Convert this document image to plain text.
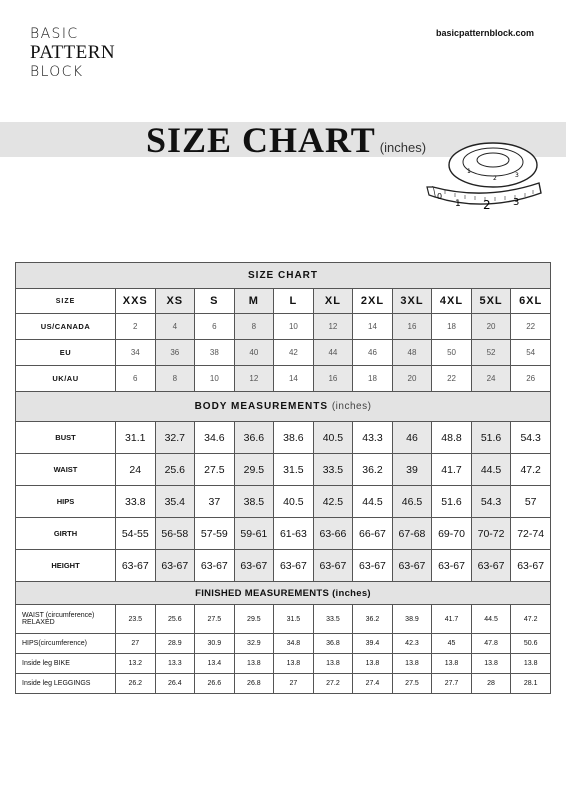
BASIC
PATTERN
BLOCK
basicpatternblock.com
SIZE CHART (inches)
0
1 2 3
1
2	3
SIZE CHART											
SIZE	XXS	XS	S	M	L	XL	2XL	3XL	4XL	5XL	6XL
US/CANADA	2	4	6	8	10	12	14	16	18	20	22
EU	34	36	38	40	42	44	46	48	50	52	54
UK/AU	6	8	10	12	14	16	18	20	22	24	26
BODY MEASUREMENTS (inches)											
BUST	31.1	32.7	34.6	36.6	38.6	40.5	43.3	46	48.8	51.6	54.3
WAIST	24	25.6	27.5	29.5	31.5	33.5	36.2	39	41.7	44.5	47.2
HIPS	33.8	35.4	37	38.5	40.5	42.5	44.5	46.5	51.6	54.3	57
GIRTH	54-55	56-58	57-59	59-61	61-63	63-66	66-67	67-68	69-70	70-72	72-74
HEIGHT	63-67	63-67	63-67	63-67	63-67	63-67	63-67	63-67	63-67	63-67	63-67
FINISHED MEASUREMENTS (inches)											
WAIST (circumference) RELAXED	23.5	25.6	27.5	29.5	31.5	33.5	36.2	38.9	41.7	44.5	47.2
HIPS(circumference)	27	28.9	30.9	32.9	34.8	36.8	39.4	42.3	45	47.8	50.6
Inside leg BIKE	13.2	13.3	13.4	13.8	13.8	13.8	13.8	13.8	13.8	13.8	13.8
Inside leg LEGGINGS	26.2	26.4	26.6	26.8	27	27.2	27.4	27.5	27.7	28	28.1
